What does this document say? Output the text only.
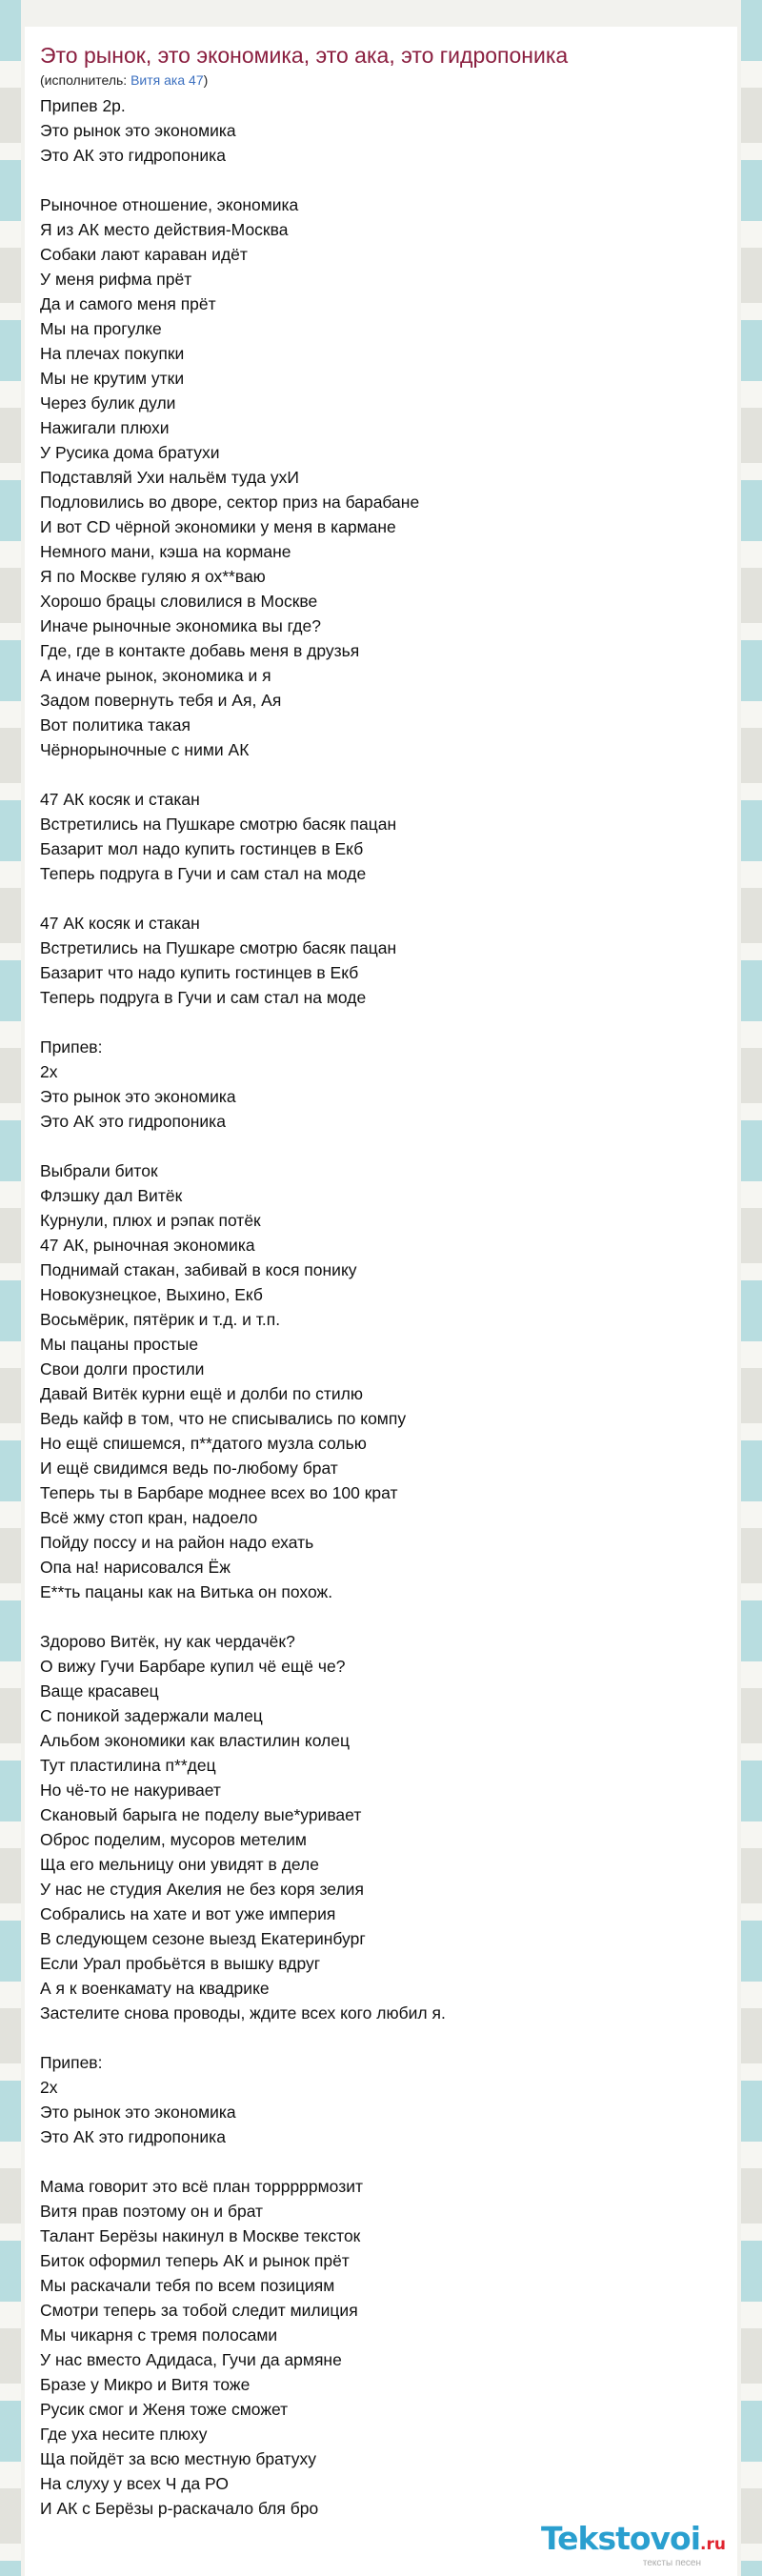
Это рынок, это экономика, это ака, это гидропоника
(исполнитель: Витя ака 47)
Припев 2р.
Это рынок это экономика
Это АК это гидропоника
Рыночное отношение, экономика
Я из АК место действия-Москва
Собаки лают караван идёт
У меня рифма прёт
Да и самого меня прёт
Мы на прогулке
На плечах покупки
Мы не крутим утки
Через булик дули
Нажигали плюхи
У Русика дома братухи
Подставляй Ухи нальём туда ухИ
Подловились во дворе, сектор приз на барабане
И вот CD чёрной экономики у меня в кармане
Немного мани, кэша на кормане
Я по Москве гуляю я ох**ваю
Хорошо брацы словилися в Москве
Иначе рыночные экономика вы где?
Где, где в контакте добавь меня в друзья
А иначе рынок, экономика и я
Задом повернуть тебя и Ая, Ая
Вот политика такая
Чёрнорыночные с ними АК
47 АК косяк и стакан
Встретились на Пушкаре смотрю басяк пацан
Базарит мол надо купить гостинцев в Екб
Теперь подруга в Гучи и сам стал на моде
47 АК косяк и стакан
Встретились на Пушкаре смотрю басяк пацан
Базарит что надо купить гостинцев в Екб
Теперь подруга в Гучи и сам стал на моде
Припев:
2х
Это рынок это экономика
Это АК это гидропоника
Выбрали биток
Флэшку дал Витёк
Курнули, плюх и рэпак потёк
47 АК, рыночная экономика
Поднимай стакан, забивай в кося понику
Новокузнецкое, Выхино, Екб
Восьмёрик, пятёрик и т.д. и т.п.
Мы пацаны простые
Свои долги простили
Давай Витёк курни ещё и долби по стилю
Ведь кайф в том, что не списывались по компу
Но ещё спишемся, п**датого музла солью
И ещё свидимся ведь по-любому брат
Теперь ты в Барбаре моднее всех во 100 крат
Всё жму стоп кран, надоело
Пойду поссу и на район надо ехать
Опа на! нарисовался Ёж
Е**ть пацаны как на Витька он похож.
Здорово Витёк, ну как чердачёк?
О вижу Гучи Барбаре купил чё ещё че?
Ваще красавец
С поникой задержали малец
Альбом экономики как властилин колец
Тут пластилина п**дец
Но чё-то не накуривает
Скановый барыга не поделу вые*уривает
Оброс поделим, мусоров метелим
Ща его мельницу они увидят в деле
У нас не студия Акелия не без коря зелия
Собрались на хате и вот уже империя
В следующем сезоне выезд Екатеринбург
Если Урал пробьётся в вышку вдруг
А я к военкамату на квадрике
Застелите снова проводы, ждите всех кого любил я.
Припев:
2х
Это рынок это экономика
Это АК это гидропоника
Мама говорит это всё план торррррмозит
Витя прав поэтому он и брат
Талант Берёзы накинул в Москве тексток
Биток оформил теперь АК и рынок прёт
Мы раскачали тебя по всем позициям
Смотри теперь за тобой следит милиция
Мы чикарня с тремя полосами
У нас вместо Адидаса, Гучи да армяне
Бразе у Микро и Витя тоже
Русик смог и Женя тоже сможет
Где уха несите плюху
Ща пойдёт за всю местную братуху
На слуху у всех Ч да РО
И АК с Берёзы р-раскачало бля бро
Tekstovoi.ru
тексты песен
